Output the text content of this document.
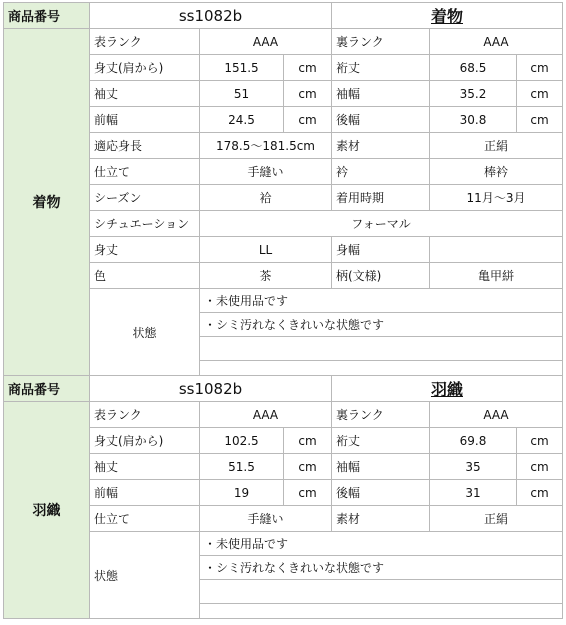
商品番号	ss1082b			着物		
着物	表ランク	AAA		裏ランク	AAA	
	身丈(肩から)	151.5	cm	裄丈	68.5	cm
	袖丈	51	cm	袖幅	35.2	cm
	前幅	24.5	cm	後幅	30.8	cm
	適応身長	178.5～181.5cm		素材	正絹	
	仕立て	手縫い		衿	棒衿	
	シーズン	袷		着用時期	11月～3月	
	シチュエーション	フォーマル				
	身丈	LL		身幅		
	色	茶		柄(文様)	亀甲絣	
	状態	・未使用品です				
		・シミ汚れなくきれいな状態です				

商品番号	ss1082b			羽織		
羽織	表ランク	AAA		裏ランク	AAA	
	身丈(肩から)	102.5	cm	裄丈	69.8	cm
	袖丈	51.5	cm	袖幅	35	cm
	前幅	19	cm	後幅	31	cm
	仕立て	手縫い		素材	正絹	
	状態	・未使用品です				
		・シミ汚れなくきれいな状態です				
